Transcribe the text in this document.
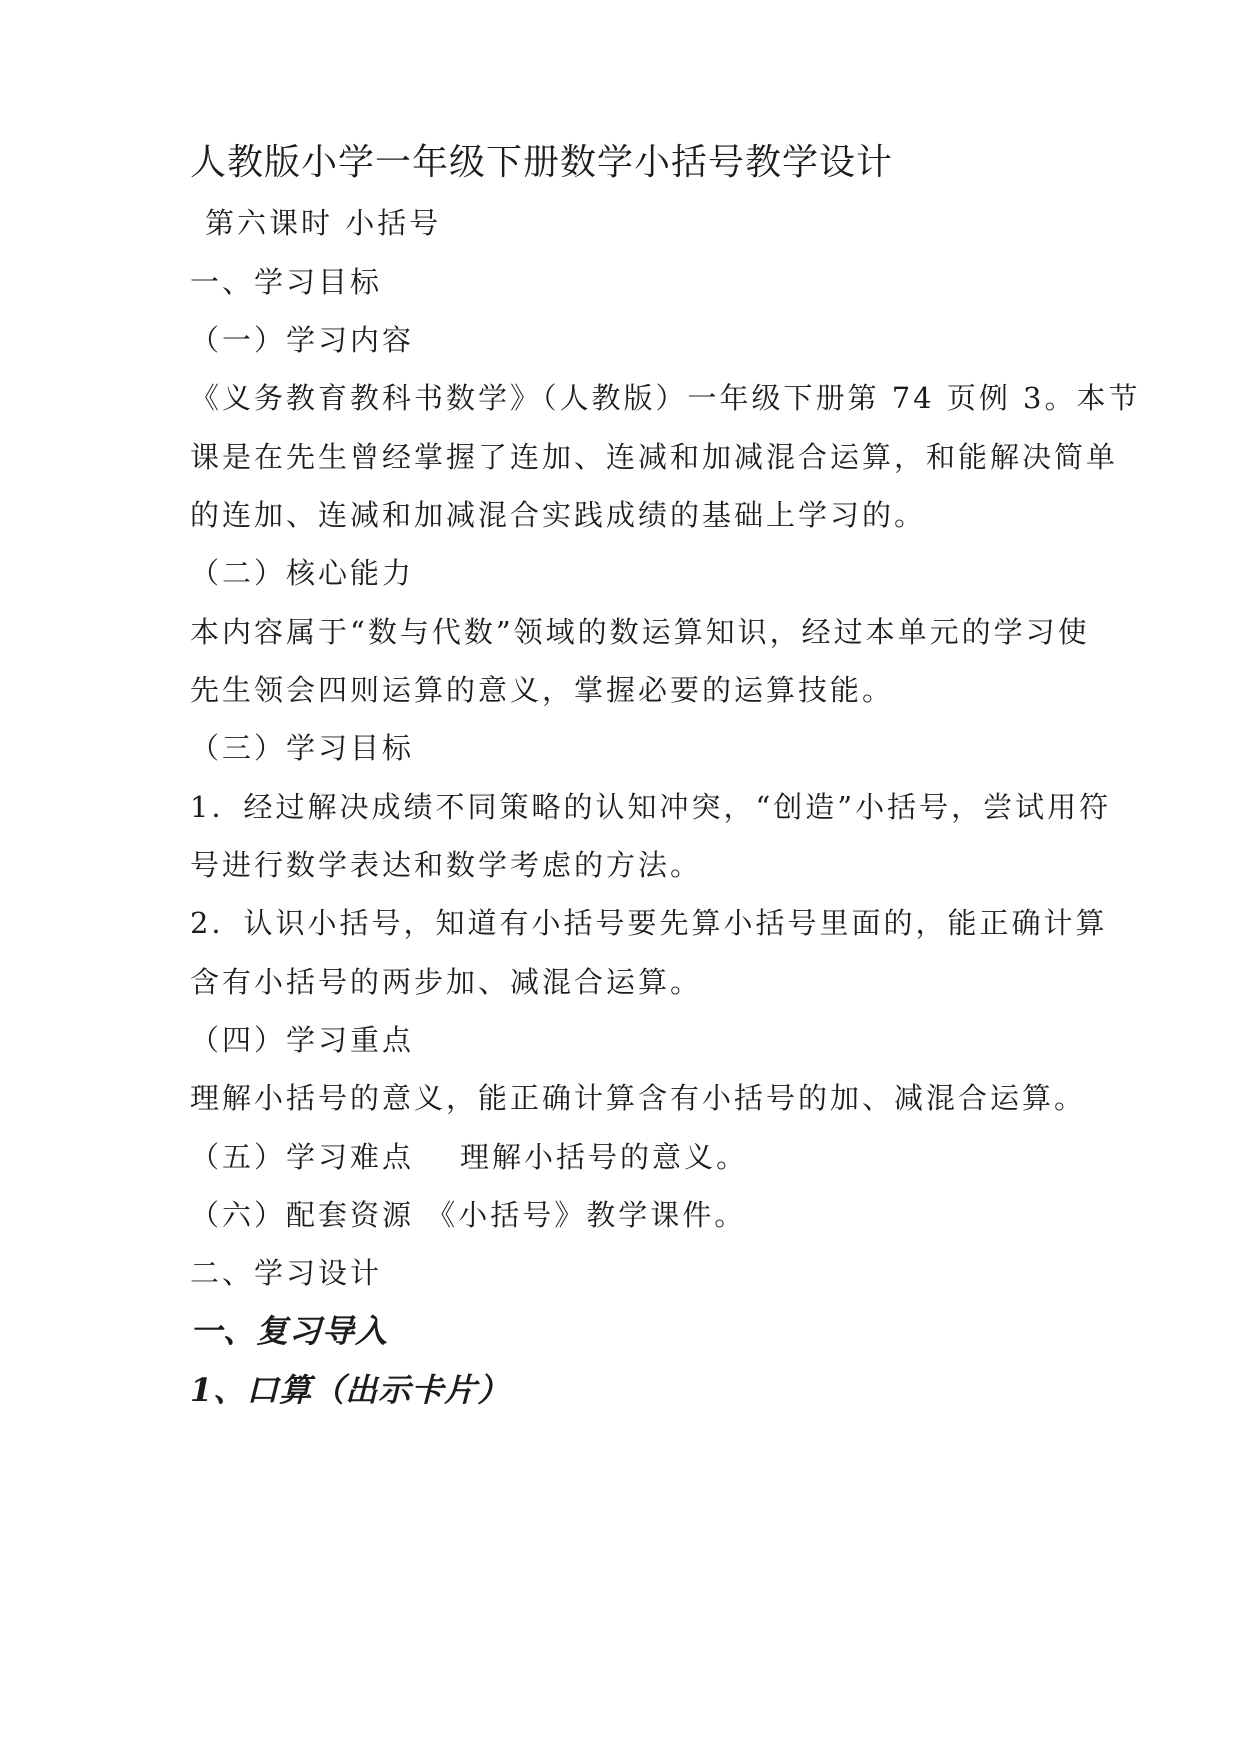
人教版小学一年级下册数学小括号教学设计
第六课时 小括号
一、学习目标
（一）学习内容
《义务教育教科书数学》（人教版）一年级下册第 74 页例 3。本节
课是在先生曾经掌握了连加、连减和加减混合运算，和能解决简单
的连加、连减和加减混合实践成绩的基础上学习的。
（二）核心能力
本内容属于“数与代数”领域的数运算知识，经过本单元的学习使
先生领会四则运算的意义，掌握必要的运算技能。
（三）学习目标
1．经过解决成绩不同策略的认知冲突，“创造”小括号，尝试用符
号进行数学表达和数学考虑的方法。
2．认识小括号，知道有小括号要先算小括号里面的，能正确计算
含有小括号的两步加、减混合运算。
（四）学习重点
理解小括号的意义，能正确计算含有小括号的加、减混合运算。
（五）学习难点 理解小括号的意义。
（六）配套资源 《小括号》教学课件。
二、学习设计
一、复习导入
1、口算（出示卡片）
